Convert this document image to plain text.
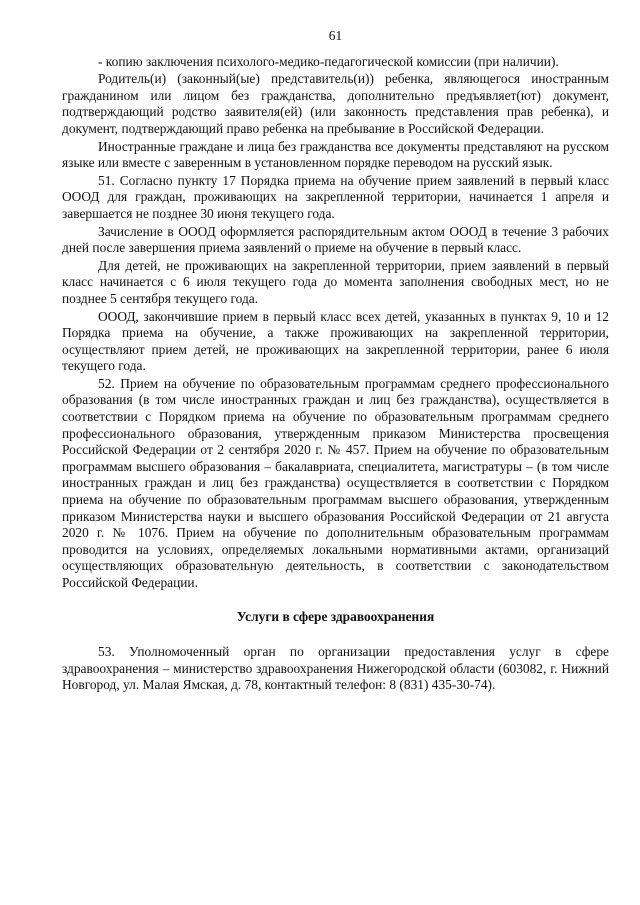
61

- копию заключения психолого-медико-педагогической комиссии (при наличии).

Родитель(и) (законный(ые) представитель(и)) ребенка, являющегося иностранным гражданином или лицом без гражданства, дополнительно предъявляет(ют) документ, подтверждающий родство заявителя(ей) (или законность представления прав ребенка), и документ, подтверждающий право ребенка на пребывание в Российской Федерации.

Иностранные граждане и лица без гражданства все документы представляют на русском языке или вместе с заверенным в установленном порядке переводом на русский язык.

51. Согласно пункту 17 Порядка приема на обучение прием заявлений в первый класс ОООД для граждан, проживающих на закрепленной территории, начинается 1 апреля и завершается не позднее 30 июня текущего года.

Зачисление в ОООД оформляется распорядительным актом ОООД в течение 3 рабочих дней после завершения приема заявлений о приеме на обучение в первый класс.

Для детей, не проживающих на закрепленной территории, прием заявлений в первый класс начинается с 6 июля текущего года до момента заполнения свободных мест, но не позднее 5 сентября текущего года.

ОООД, закончившие прием в первый класс всех детей, указанных в пунктах 9, 10 и 12 Порядка приема на обучение, а также проживающих на закрепленной территории, осуществляют прием детей, не проживающих на закрепленной территории, ранее 6 июля текущего года.

52. Прием на обучение по образовательным программам среднего профессионального образования (в том числе иностранных граждан и лиц без гражданства), осуществляется в соответствии с Порядком приема на обучение по образовательным программам среднего профессионального образования, утвержденным приказом Министерства просвещения Российской Федерации от 2 сентября 2020 г. № 457. Прием на обучение по образовательным программам высшего образования – бакалавриата, специалитета, магистратуры – (в том числе иностранных граждан и лиц без гражданства) осуществляется в соответствии с Порядком приема на обучение по образовательным программам высшего образования, утвержденным приказом Министерства науки и высшего образования Российской Федерации от 21 августа 2020 г. № 1076. Прием на обучение по дополнительным образовательным программам проводится на условиях, определяемых локальными нормативными актами, организаций осуществляющих образовательную деятельность, в соответствии с законодательством Российской Федерации.

Услуги в сфере здравоохранения

53. Уполномоченный орган по организации предоставления услуг в сфере здравоохранения – министерство здравоохранения Нижегородской области (603082, г. Нижний Новгород, ул. Малая Ямская, д. 78, контактный телефон: 8 (831) 435-30-74).
